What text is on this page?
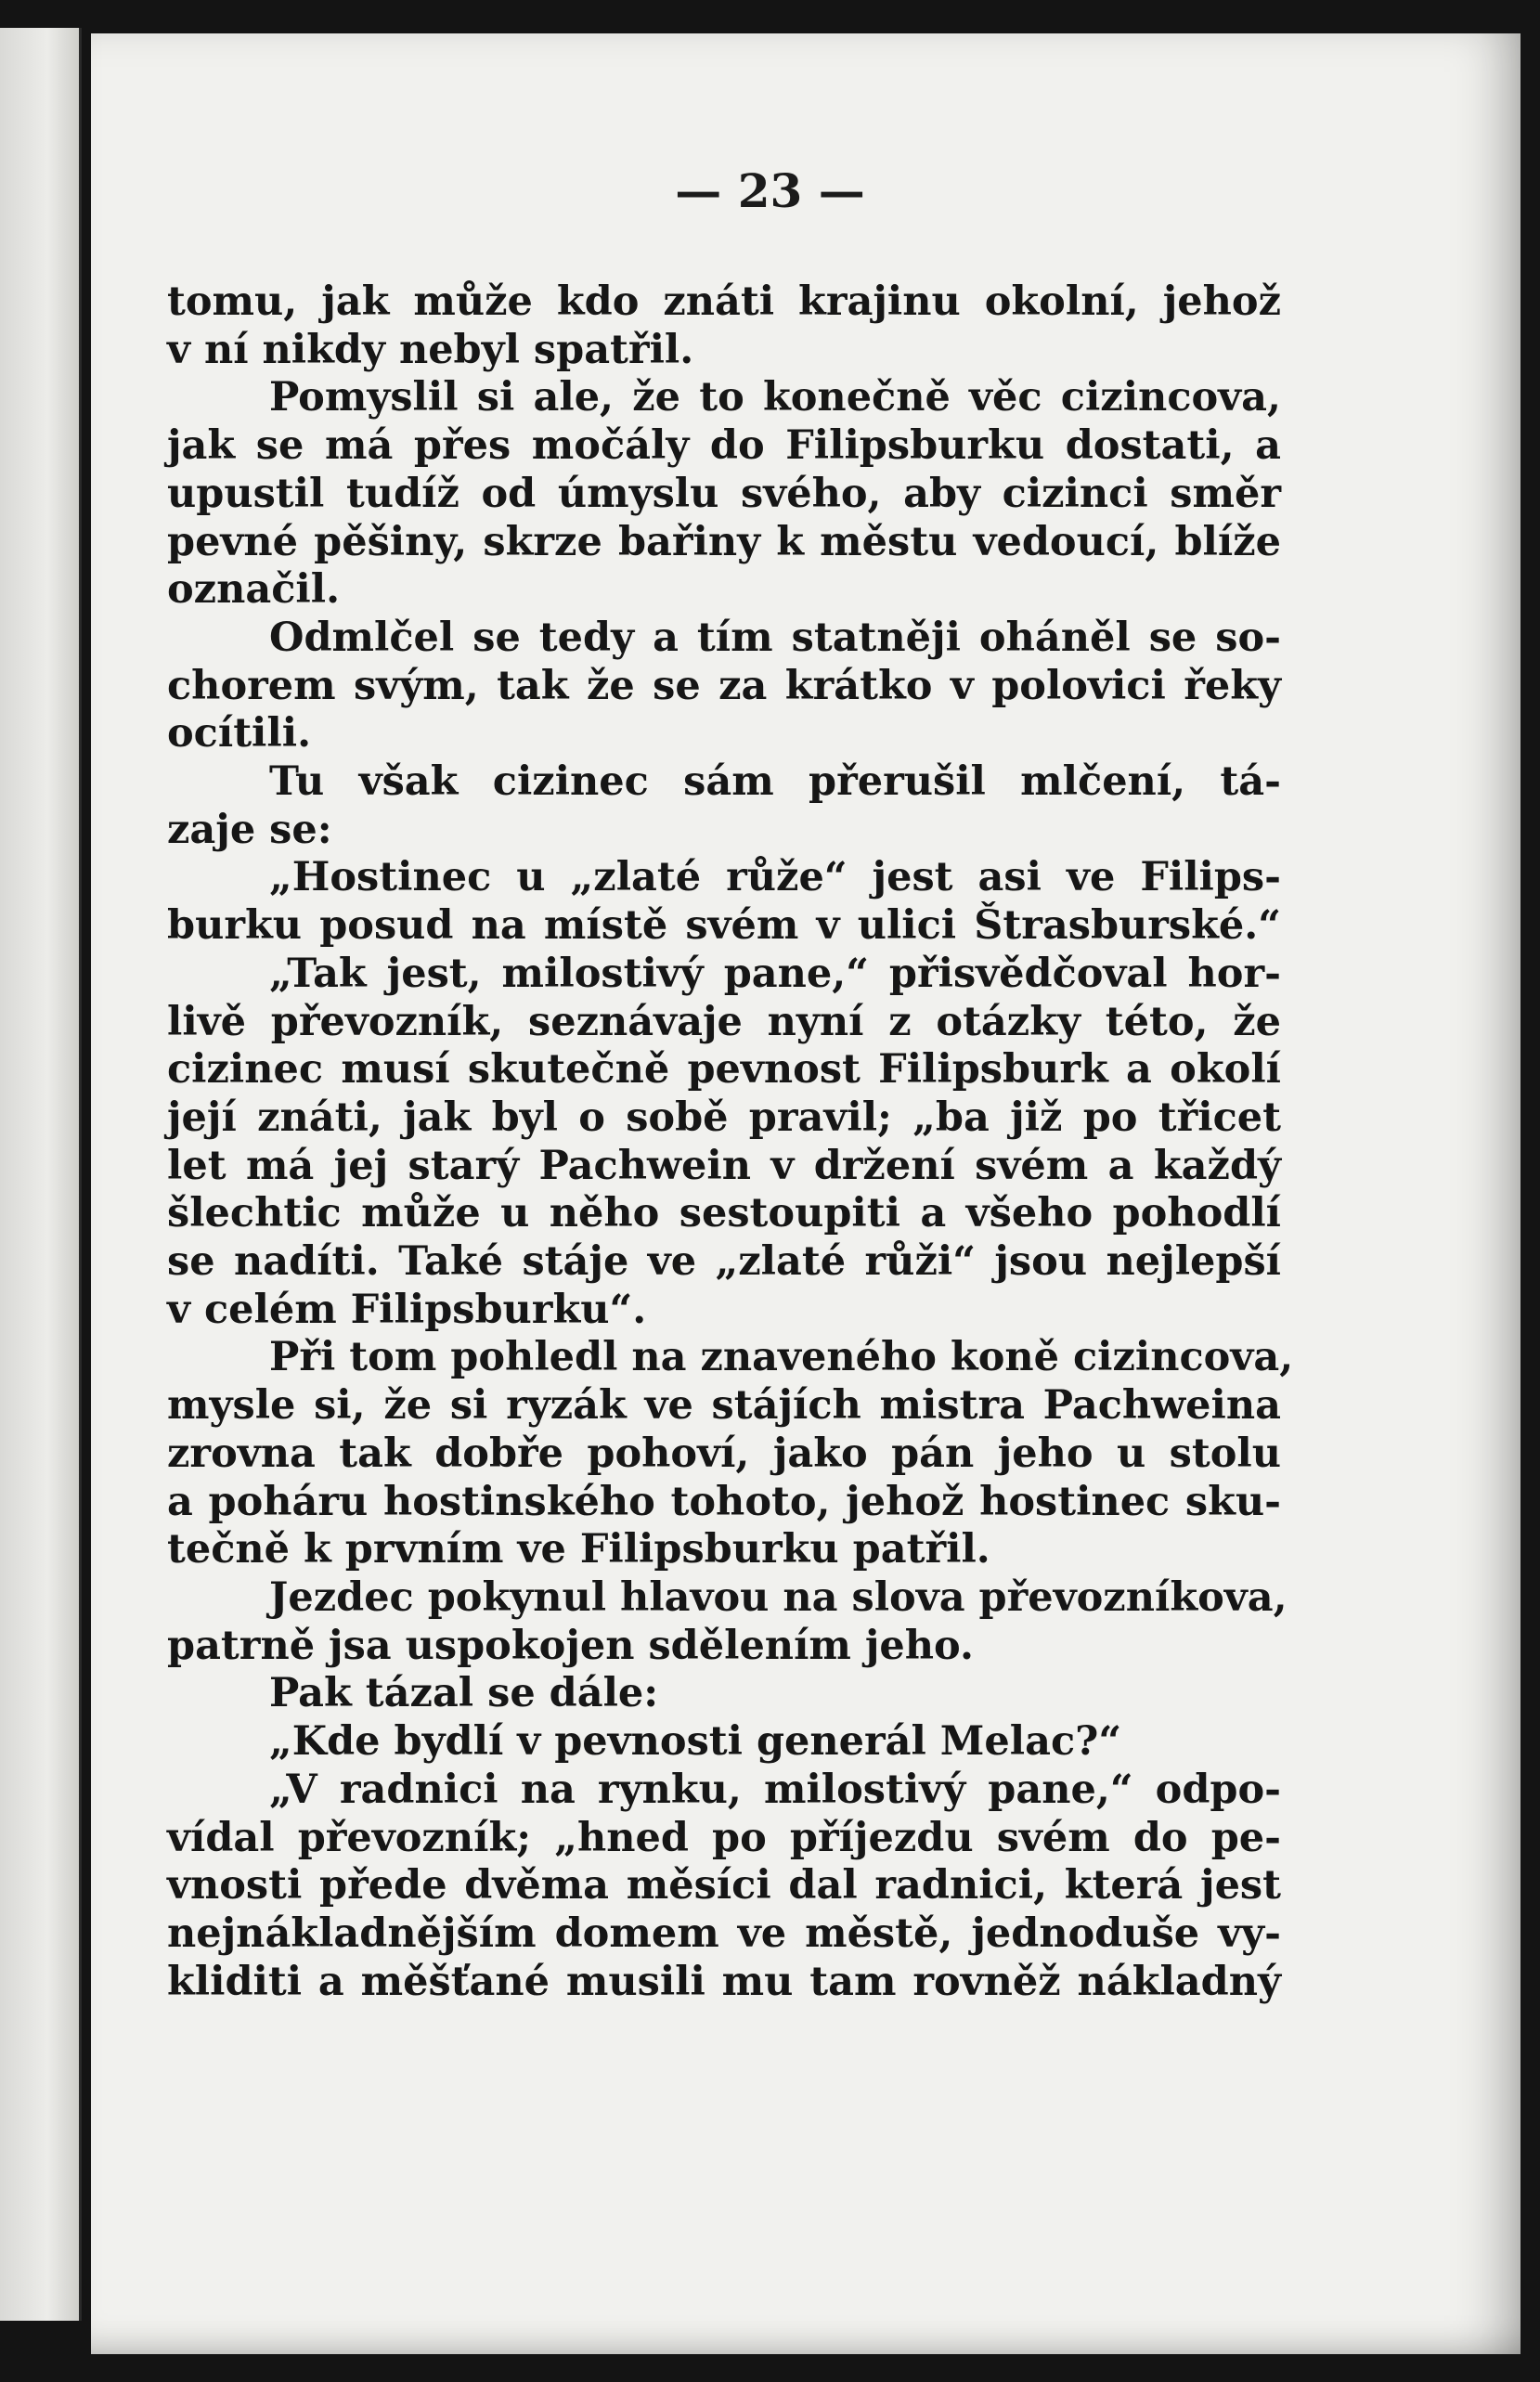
— 23 —
tomu, jak může kdo znáti krajinu okolní, jehož
v ní nikdy nebyl spatřil.
Pomyslil si ale, že to konečně věc cizincova,
jak se má přes močály do Filipsburku dostati, a
upustil tudíž od úmyslu svého, aby cizinci směr
pevné pěšiny, skrze bařiny k městu vedoucí, blíže
označil.
Odmlčel se tedy a tím statněji oháněl se so-
chorem svým, tak že se za krátko v polovici řeky
ocítili.
Tu však cizinec sám přerušil mlčení, tá-
zaje se:
„Hostinec u „zlaté růže“ jest asi ve Filips-
burku posud na místě svém v ulici Štrasburské.“
„Tak jest, milostivý pane,“ přisvědčoval hor-
livě převozník, seznávaje nyní z otázky této, že
cizinec musí skutečně pevnost Filipsburk a okolí
její znáti, jak byl o sobě pravil; „ba již po třicet
let má jej starý Pachwein v držení svém a každý
šlechtic může u něho sestoupiti a všeho pohodlí
se nadíti. Také stáje ve „zlaté růži“ jsou nejlepší
v celém Filipsburku“.
Při tom pohledl na znaveného koně cizincova,
mysle si, že si ryzák ve stájích mistra Pachweina
zrovna tak dobře pohoví, jako pán jeho u stolu
a poháru hostinského tohoto, jehož hostinec sku-
tečně k prvním ve Filipsburku patřil.
Jezdec pokynul hlavou na slova převozníkova,
patrně jsa uspokojen sdělením jeho.
Pak tázal se dále:
„Kde bydlí v pevnosti generál Melac?“
„V radnici na rynku, milostivý pane,“ odpo-
vídal převozník; „hned po příjezdu svém do pe-
vnosti přede dvěma měsíci dal radnici, která jest
nejnákladnějším domem ve městě, jednoduše vy-
kliditi a měšťané musili mu tam rovněž nákladný
